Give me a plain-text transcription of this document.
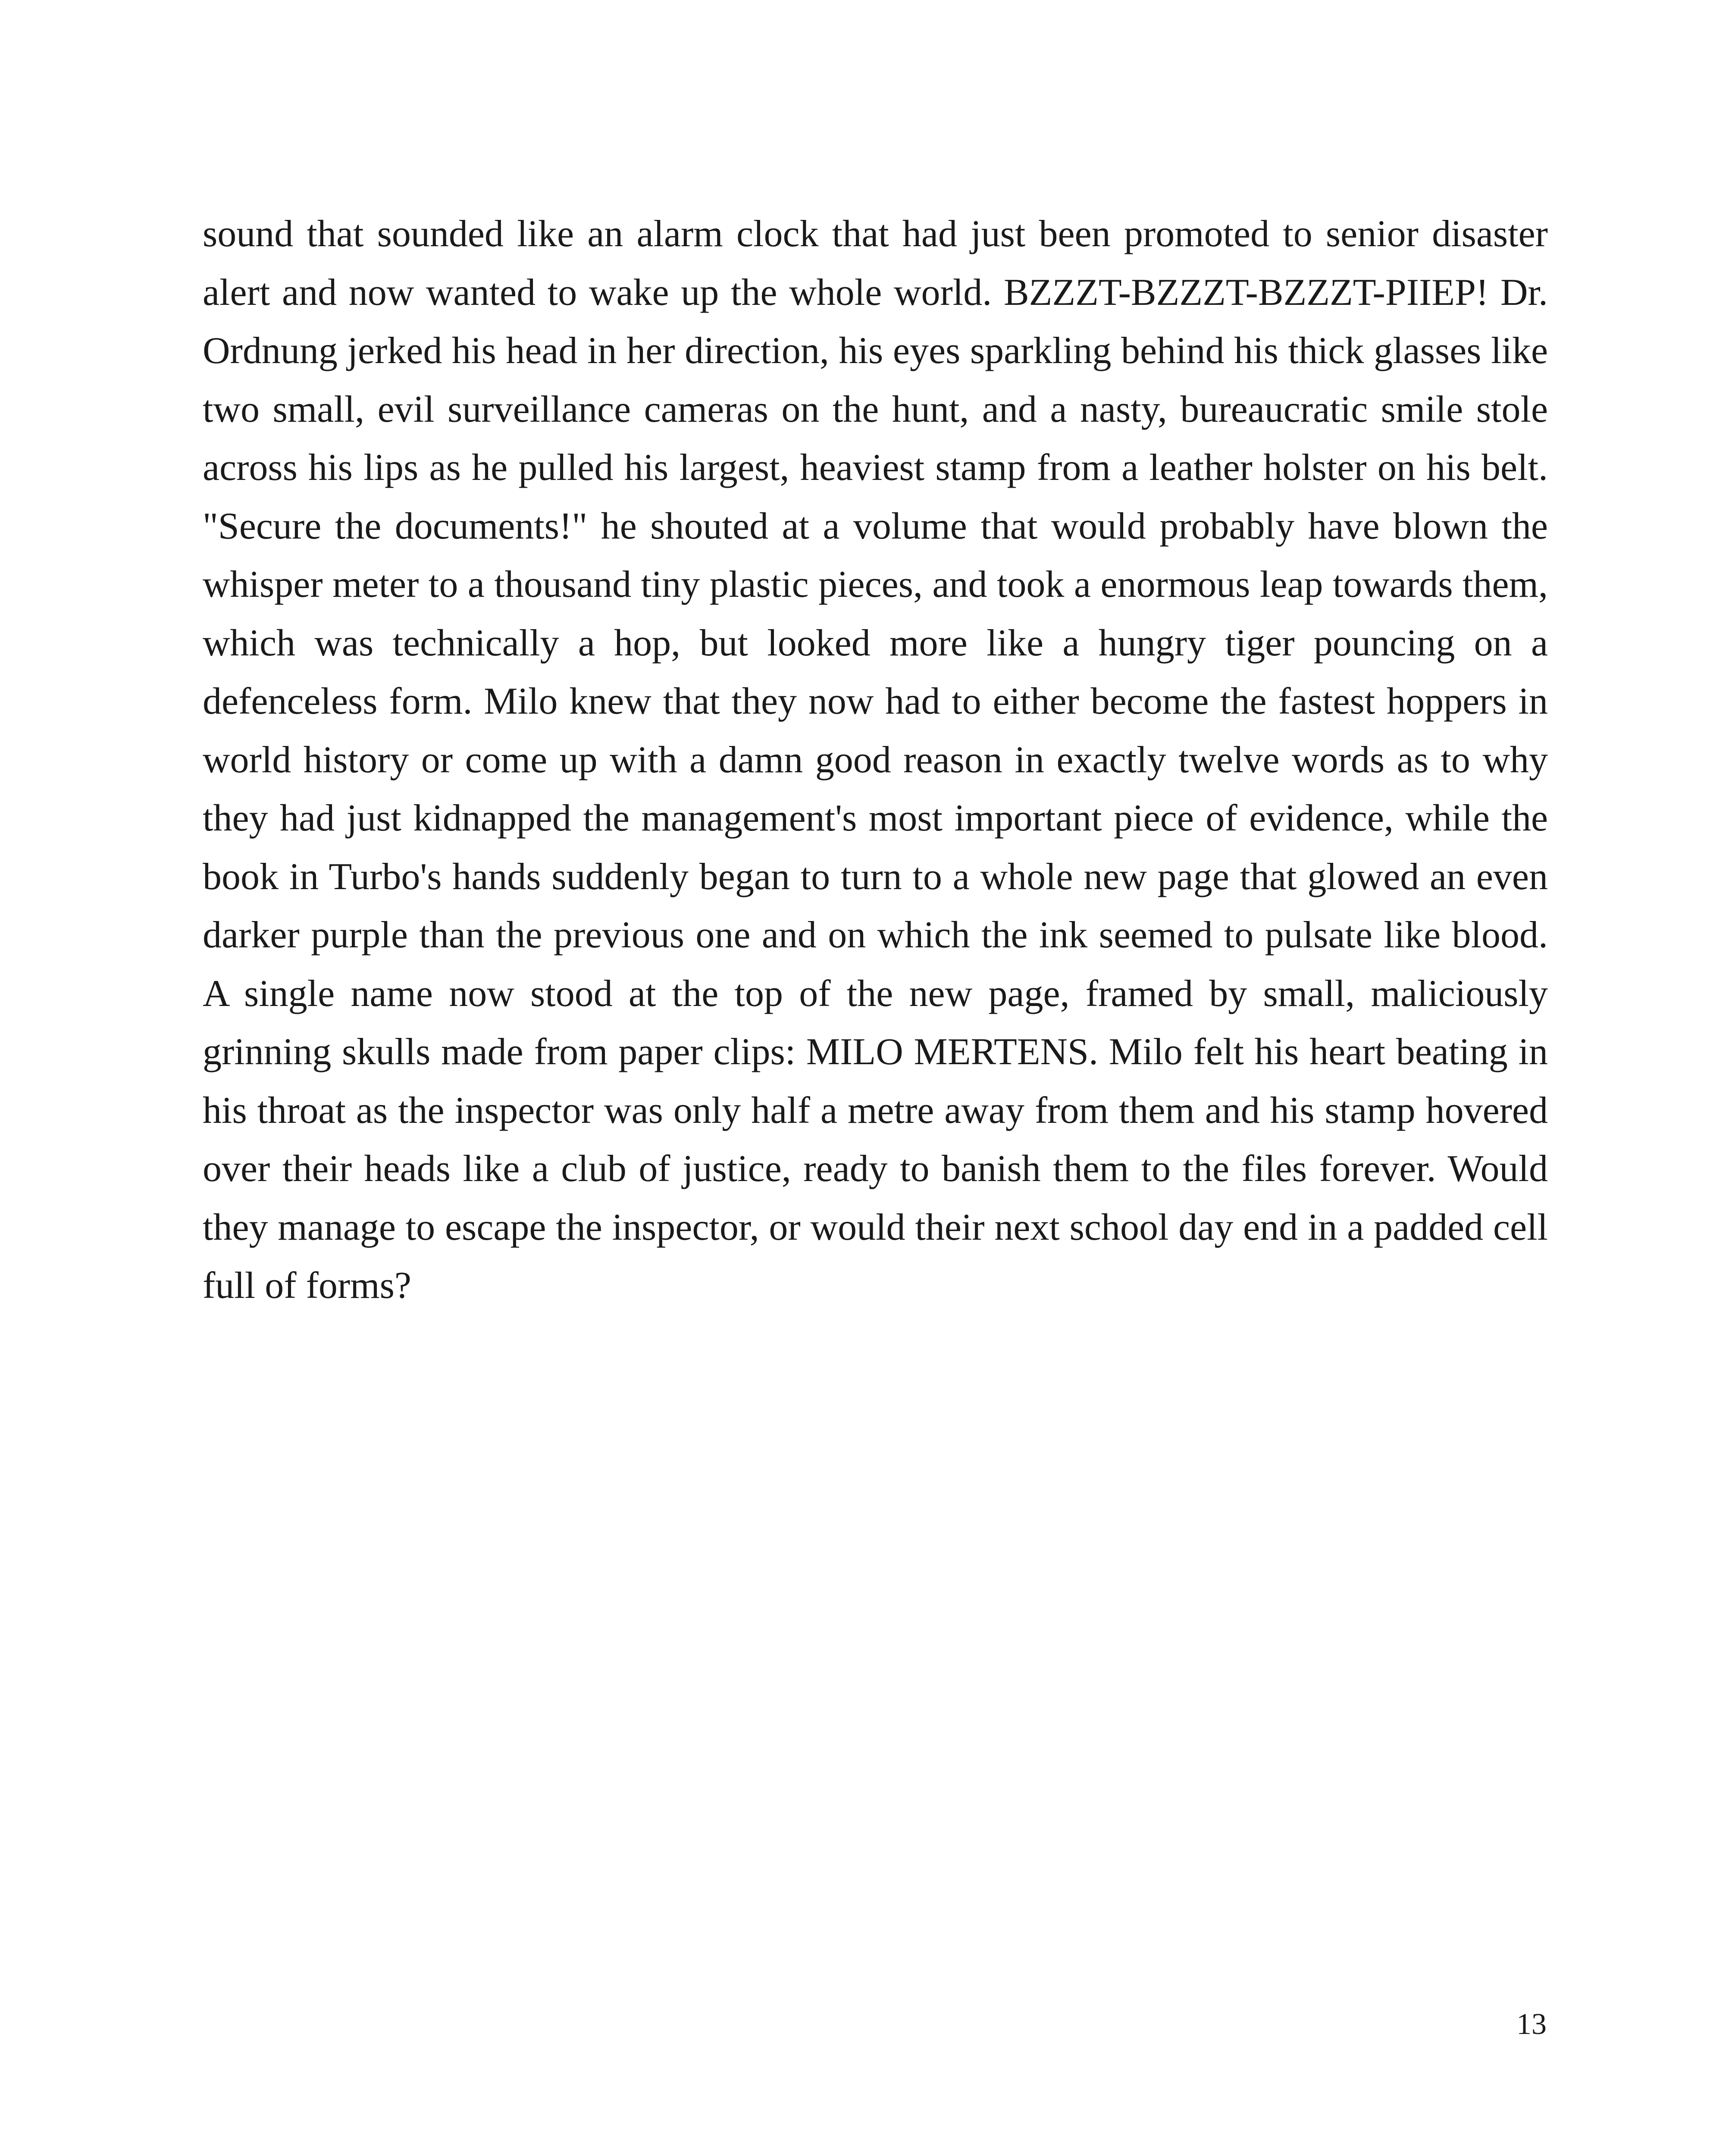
sound that sounded like an alarm clock that had just been promoted to senior disaster alert and now wanted to wake up the whole world. BZZZT-BZZZT-BZZZT-PIIEP! Dr. Ordnung jerked his head in her direction, his eyes sparkling behind his thick glasses like two small, evil surveillance cameras on the hunt, and a nasty, bureaucratic smile stole across his lips as he pulled his largest, heaviest stamp from a leather holster on his belt. "Secure the documents!" he shouted at a volume that would probably have blown the whisper meter to a thousand tiny plastic pieces, and took a enormous leap towards them, which was technically a hop, but looked more like a hungry tiger pouncing on a defenceless form. Milo knew that they now had to either become the fastest hoppers in world history or come up with a damn good reason in exactly twelve words as to why they had just kidnapped the management's most important piece of evidence, while the book in Turbo's hands suddenly began to turn to a whole new page that glowed an even darker purple than the previous one and on which the ink seemed to pulsate like blood. A single name now stood at the top of the new page, framed by small, maliciously grinning skulls made from paper clips: MILO MERTENS. Milo felt his heart beating in his throat as the inspector was only half a metre away from them and his stamp hovered over their heads like a club of justice, ready to banish them to the files forever. Would they manage to escape the inspector, or would their next school day end in a padded cell full of forms?

13
